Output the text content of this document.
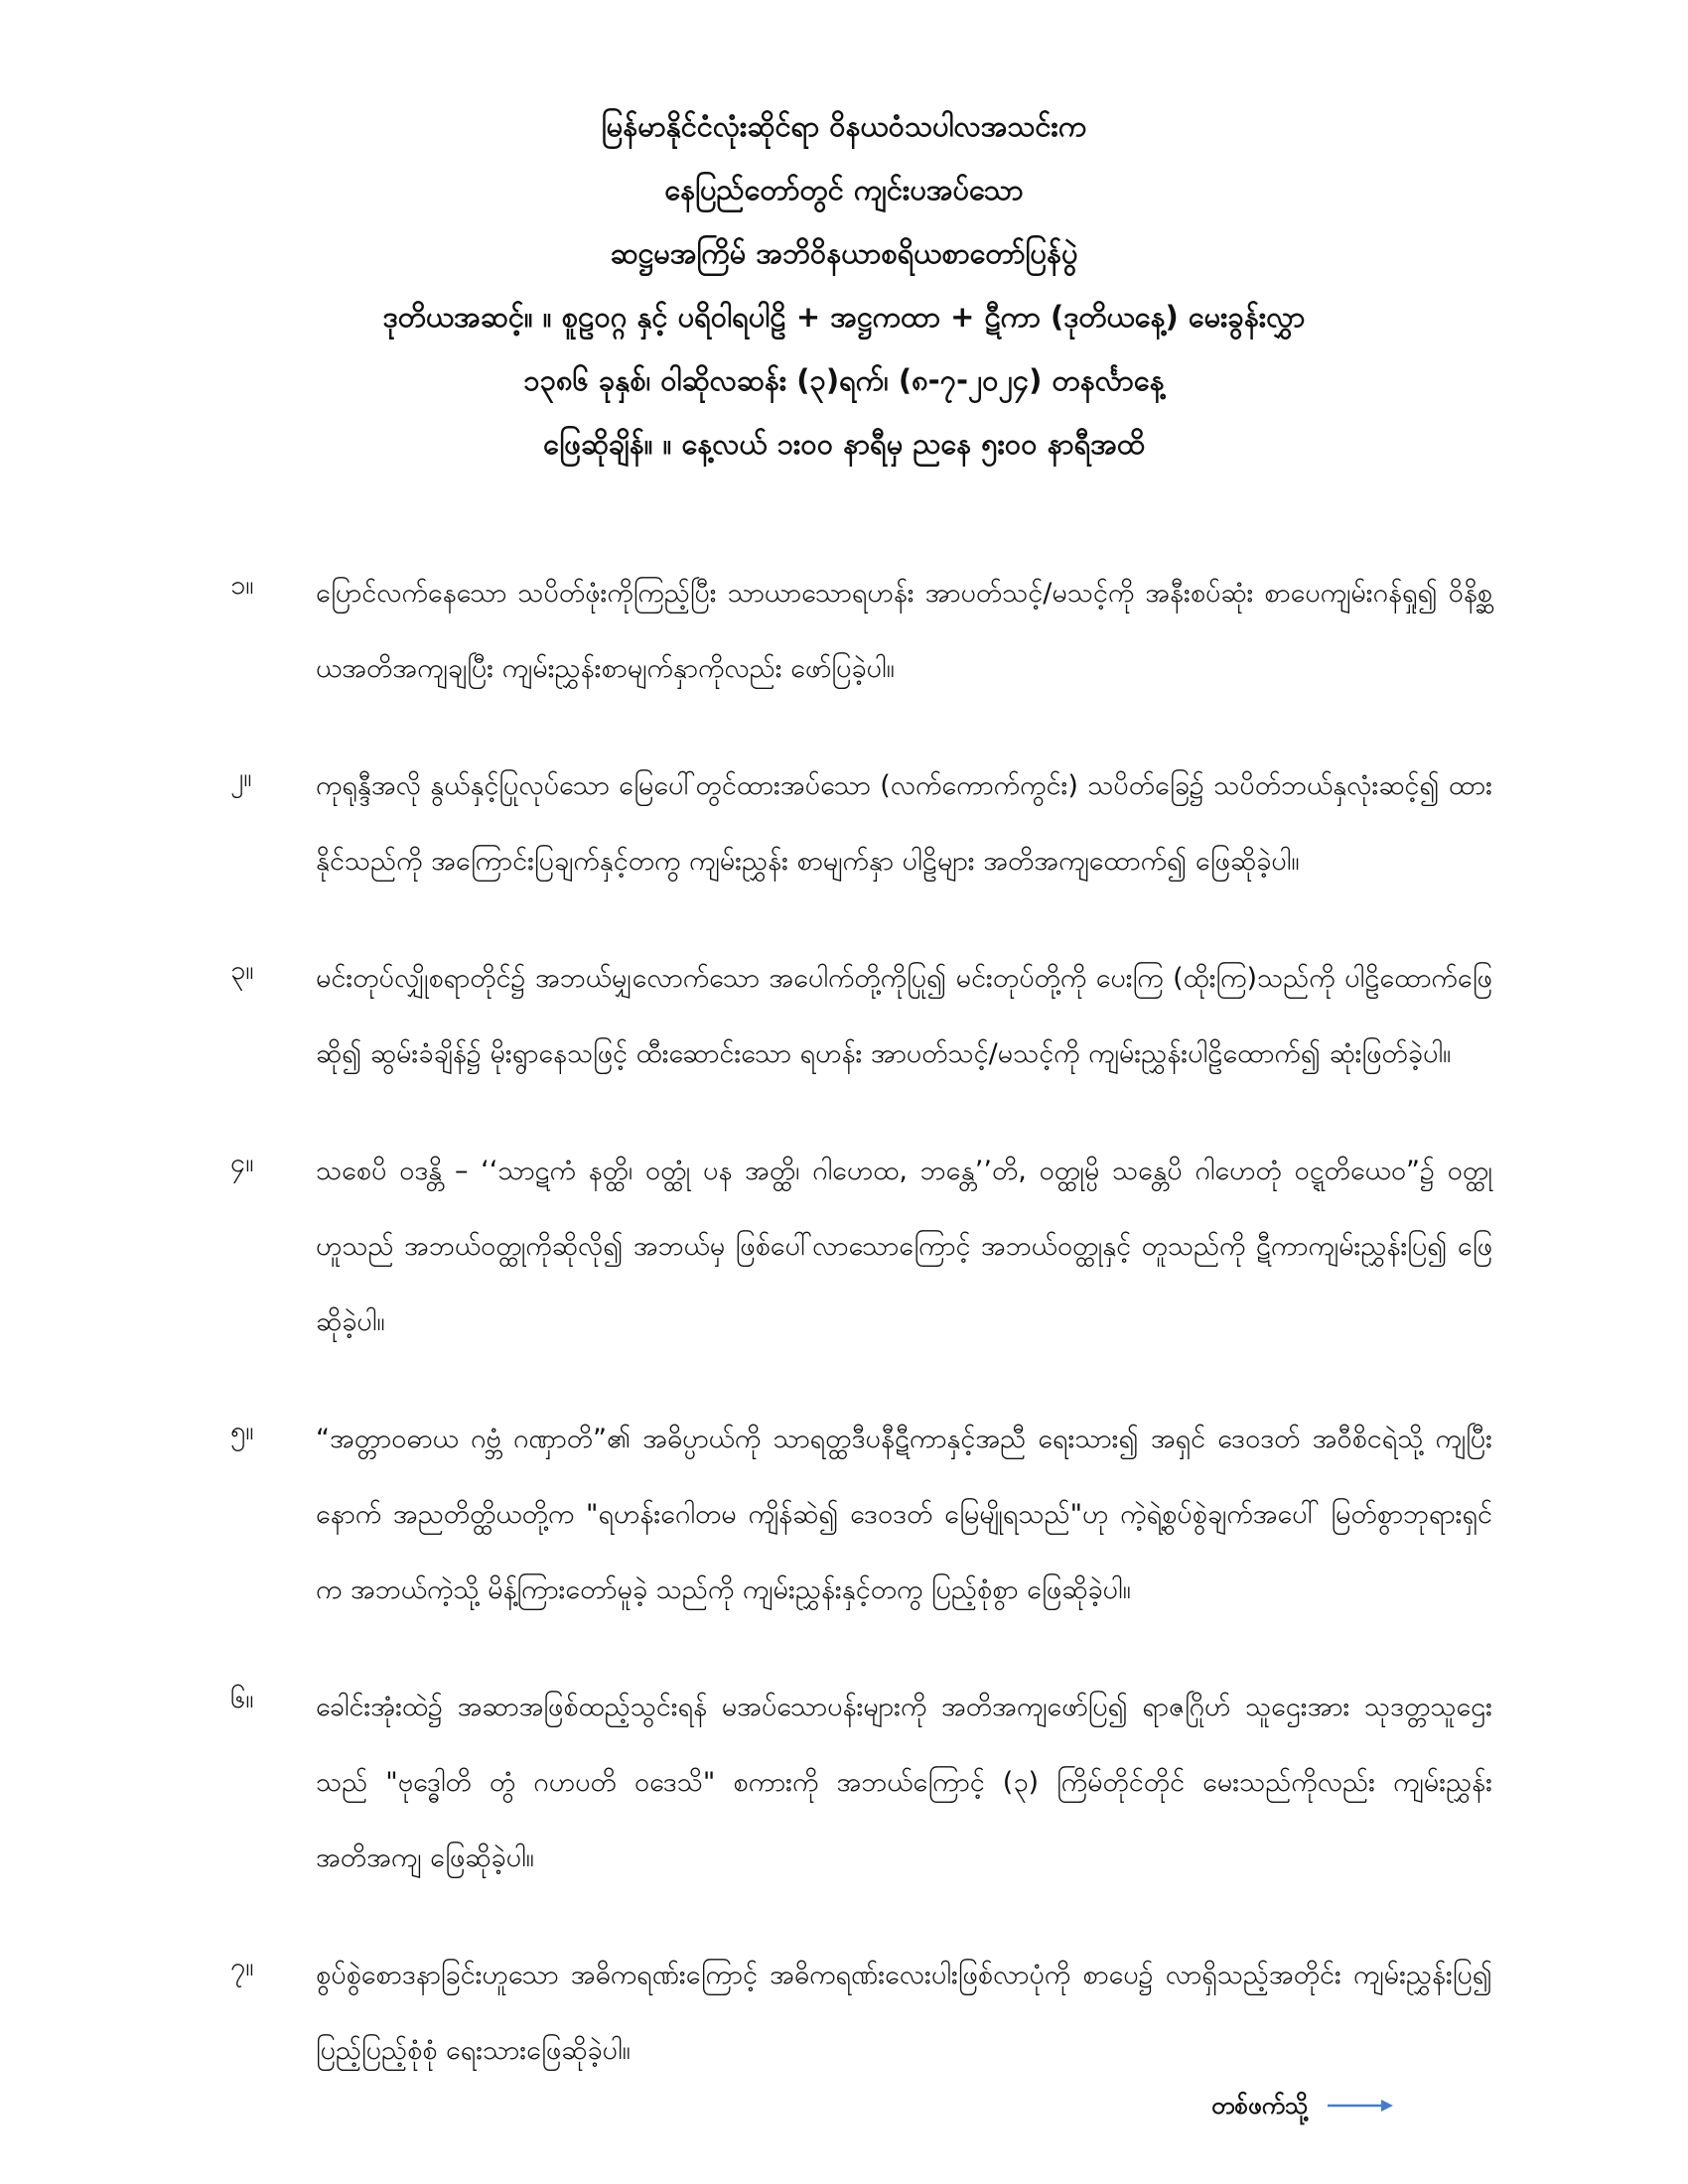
မြန်မာနိုင်ငံလုံးဆိုင်ရာ ဝိနယဝံသပါလအသင်းက
နေပြည်တော်တွင် ကျင်းပအပ်သော
ဆဋ္ဌမအကြိမ် အဘိဝိနယာစရိယစာတော်ပြန်ပွဲ
ဒုတိယအဆင့်။ ။ စူဠဝဂ္ဂ နှင့် ပရိဝါရပါဠိ + အဋ္ဌကထာ + ဋီကာ (ဒုတိယနေ့) မေးခွန်းလွှာ
၁၃၈၆ ခုနှစ်၊ ဝါဆိုလဆန်း (၃)ရက်၊ (၈-၇-၂၀၂၄) တနင်္လာနေ့
ဖြေဆိုချိန်။ ။ နေ့လယ် ၁း၀၀ နာရီမှ ညနေ ၅း၀၀ နာရီအထိ
၁။ ပြောင်လက်နေသော သပိတ်ဖုံးကိုကြည့်ပြီး သာယာသောရဟန်း အာပတ်သင့်/မသင့်ကို အနီးစပ်ဆုံး စာပေကျမ်းဂန်ရှု၍ ဝိနိစ္ဆယအတိအကျချပြီး ကျမ်းညွှန်းစာမျက်နှာကိုလည်း ဖော်ပြခဲ့ပါ။
၂။ ကုရုန္ဒီအလို နွယ်နှင့်ပြုလုပ်သော မြေပေါ်တွင်ထားအပ်သော (လက်ကောက်ကွင်း) သပိတ်ခြေ၌ သပိတ်ဘယ်နှလုံးဆင့်၍ ထားနိုင်သည်ကို အကြောင်းပြချက်နှင့်တကွ ကျမ်းညွှန်း စာမျက်နှာ ပါဠိများ အတိအကျထောက်၍ ဖြေဆိုခဲ့ပါ။
၃။ မင်းတုပ်လျှိုစရာတိုင်၌ အဘယ်မျှလောက်သော အပေါက်တို့ကိုပြု၍ မင်းတုပ်တို့ကို ပေးကြ (ထိုးကြ)သည်ကို ပါဠိထောက်ဖြေဆို၍ ဆွမ်းခံချိန်၌ မိုးရွာနေသဖြင့် ထီးဆောင်းသော ရဟန်း အာပတ်သင့်/မသင့်ကို ကျမ်းညွှန်းပါဠိထောက်၍ ဆုံးဖြတ်ခဲ့ပါ။
၄။ သစေပိ ဝဒန္တိ – ‘‘သာဋကံ နတ္ထိ၊ ဝတ္ထုံ ပန အတ္ထိ၊ ဂါဟေထ, ဘန္တေ’’တိ, ဝတ္ထုမ္ပိ သန္တေပိ ဂါဟေတုံ ဝဋ္ဋတိယေဝ”၌ ဝတ္ထုဟူသည် အဘယ်ဝတ္ထုကိုဆိုလို၍ အဘယ်မှ ဖြစ်ပေါ်လာသောကြောင့် အဘယ်ဝတ္ထုနှင့် တူသည်ကို ဋီကာကျမ်းညွှန်းပြ၍ ဖြေဆိုခဲ့ပါ။
၅။ “အတ္တာဝဓာယ ဂဗ္ဘံ ဂဏှာတိ”၏ အဓိပ္ပာယ်ကို သာရတ္ထဒီပနီဋီကာနှင့်အညီ ရေးသား၍ အရှင် ဒေဝဒတ် အဝီစိငရဲသို့ ကျပြီးနောက် အညတိတ္ထိယတို့က "ရဟန်းဂေါတမ ကျိန်ဆဲ၍ ဒေဝဒတ် မြေမျိုရသည်"ဟု ကဲ့ရဲ့စွပ်စွဲချက်အပေါ် မြတ်စွာဘုရားရှင်က အဘယ်ကဲ့သို့ မိန့်ကြားတော်မူခဲ့ သည်ကို ကျမ်းညွှန်းနှင့်တကွ ပြည့်စုံစွာ ဖြေဆိုခဲ့ပါ။
၆။ ခေါင်းအုံးထဲ၌ အဆာအဖြစ်ထည့်သွင်းရန် မအပ်သောပန်းများကို အတိအကျဖော်ပြ၍ ရာဇဂြိုဟ် သူဌေးအား သုဒတ္တသူဌေးသည် "ဗုဒ္ဓေါတိ တွံ ဂဟပတိ ဝဒေသိ" စကားကို အဘယ်ကြောင့် (၃) ကြိမ်တိုင်တိုင် မေးသည်ကိုလည်း ကျမ်းညွှန်းအတိအကျ ဖြေဆိုခဲ့ပါ။
၇။ စွပ်စွဲစောဒနာခြင်းဟူသော အဓိကရဏ်းကြောင့် အဓိကရဏ်းလေးပါးဖြစ်လာပုံကို စာပေ၌ လာရှိသည့်အတိုင်း ကျမ်းညွှန်းပြ၍ ပြည့်ပြည့်စုံစုံ ရေးသားဖြေဆိုခဲ့ပါ။
တစ်ဖက်သို့
